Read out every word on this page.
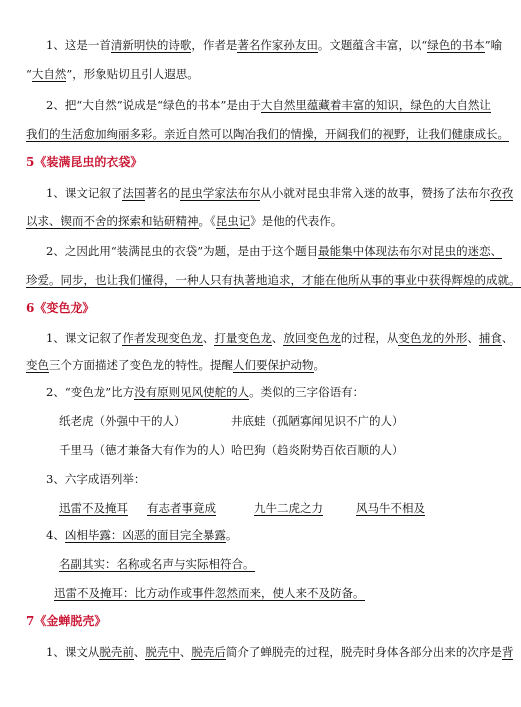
1、这是一首清新明快的诗歌，作者是著名作家孙友田。文题蕴含丰富，以“绿色的书本”喻
“大自然”，形象贴切且引人遐思。
2、把“大自然”说成是“绿色的书本”是由于大自然里蕴藏着丰富的知识，绿色的大自然让
我们的生活愈加绚丽多彩。亲近自然可以陶冶我们的情操，开阔我们的视野，让我们健康成长。
5《装满昆虫的衣袋》
1、课文记叙了法国著名的昆虫学家法布尔从小就对昆虫非常入迷的故事，赞扬了法布尔孜孜
以求、锲而不舍的探索和钻研精神。《昆虫记》是他的代表作。
2、之因此用“装满昆虫的衣袋”为题，是由于这个题目最能集中体现法布尔对昆虫的迷恋、
珍爱。同步，也让我们懂得，一种人只有执著地追求，才能在他所从事的事业中获得辉煌的成就。
6《变色龙》
1、课文记叙了作者发现变色龙、打量变色龙、放回变色龙的过程，从变色龙的外形、捕食、
变色三个方面描述了变色龙的特性。提醒人们要保护动物。
2、“变色龙”比方没有原则见风使舵的人。类似的三字俗语有：
纸老虎（外强中干的人）	井底蛙（孤陋寡闻见识不广的人）
千里马（德才兼备大有作为的人） 哈巴狗（趋炎附势百依百顺的人）
3、六字成语列举：
迅雷不及掩耳 有志者事竟成	九牛二虎之力	风马牛不相及
4、凶相毕露：凶恶的面目完全暴露。
名副其实：名称或名声与实际相符合。
迅雷不及掩耳：比方动作或事件忽然而来，使人来不及防备。
7《金蝉脱壳》
1、课文从脱壳前、脱壳中、脱壳后简介了蝉脱壳的过程，脱壳时身体各部分出来的次序是背
